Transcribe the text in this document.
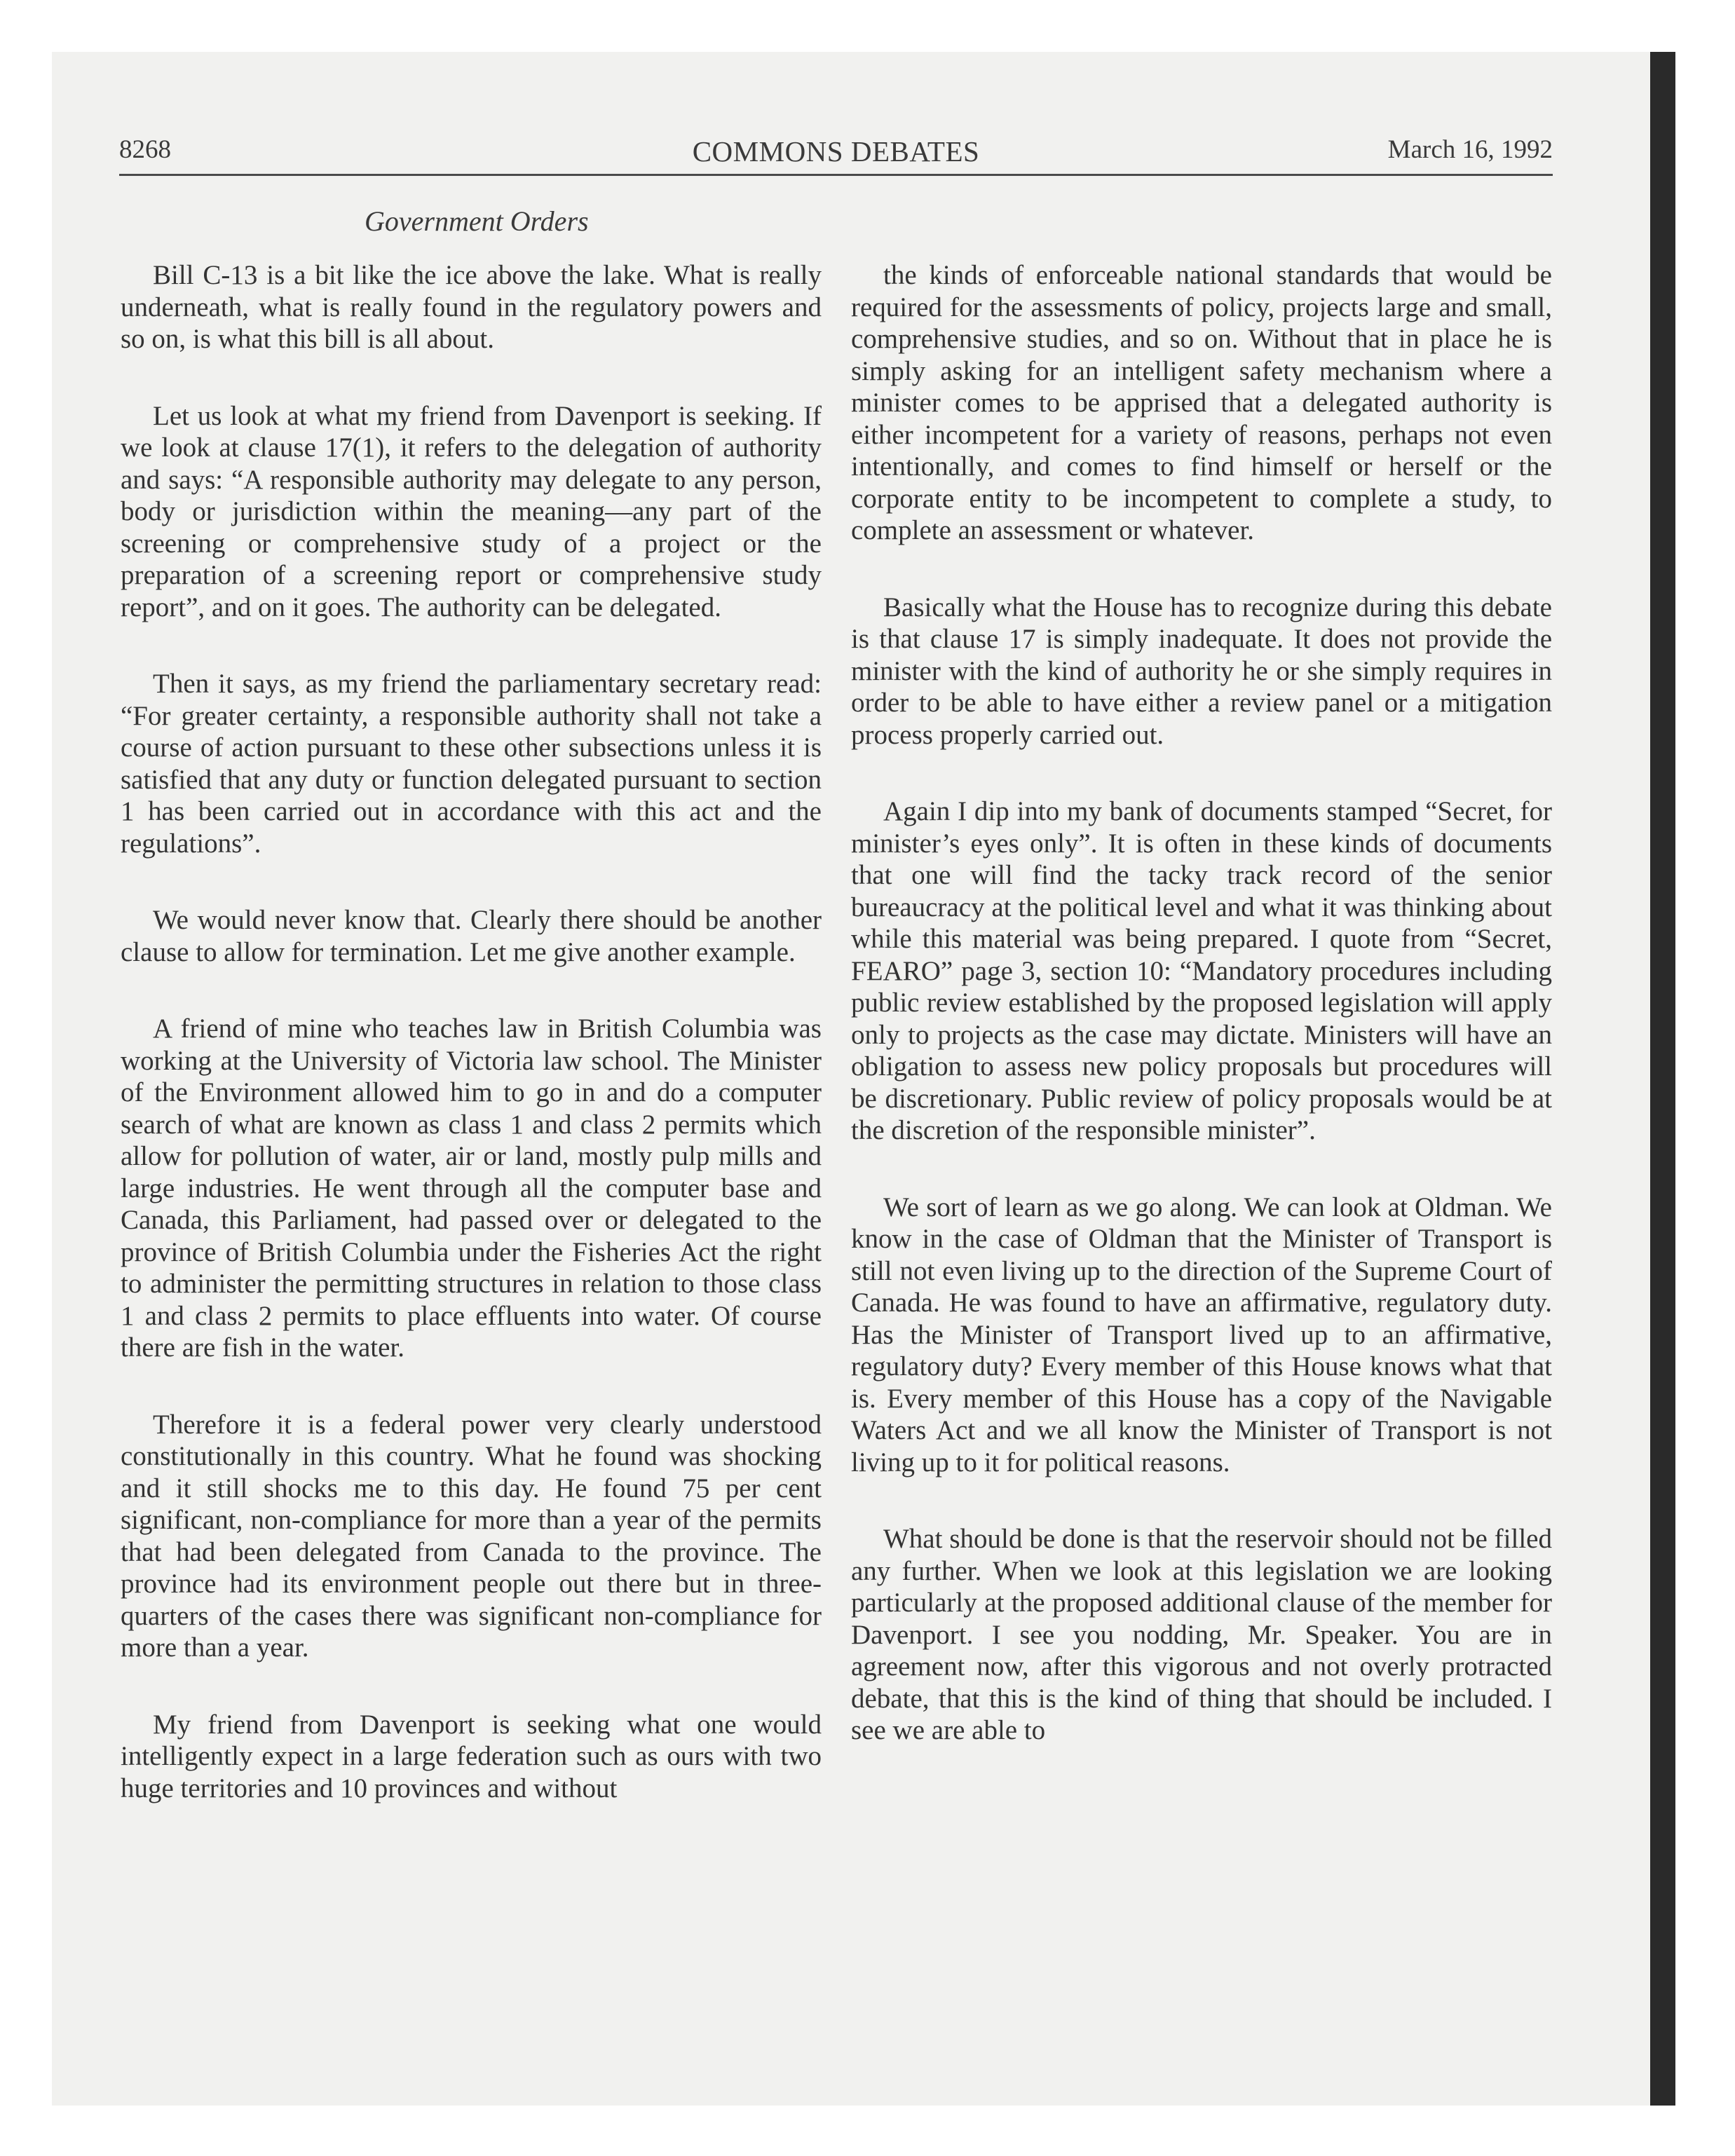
8268	COMMONS DEBATES	March 16, 1992
Government Orders

Bill C-13 is a bit like the ice above the lake. What is really underneath, what is really found in the regulatory powers and so on, is what this bill is all about.

Let us look at what my friend from Davenport is seeking. If we look at clause 17(1), it refers to the delegation of authority and says: “A responsible authority may delegate to any person, body or jurisdiction within the meaning—any part of the screening or comprehensive study of a project or the preparation of a screening report or comprehensive study report”, and on it goes. The authority can be delegated.

Then it says, as my friend the parliamentary secretary read: “For greater certainty, a responsible authority shall not take a course of action pursuant to these other subsections unless it is satisfied that any duty or function delegated pursuant to section 1 has been carried out in accordance with this act and the regulations”.

We would never know that. Clearly there should be another clause to allow for termination. Let me give another example.

A friend of mine who teaches law in British Columbia was working at the University of Victoria law school. The Minister of the Environment allowed him to go in and do a computer search of what are known as class 1 and class 2 permits which allow for pollution of water, air or land, mostly pulp mills and large industries. He went through all the computer base and Canada, this Parliament, had passed over or delegated to the province of British Columbia under the Fisheries Act the right to administer the permitting structures in relation to those class 1 and class 2 permits to place effluents into water. Of course there are fish in the water.

Therefore it is a federal power very clearly understood constitutionally in this country. What he found was shocking and it still shocks me to this day. He found 75 per cent significant, non-compliance for more than a year of the permits that had been delegated from Canada to the province. The province had its environment people out there but in three-quarters of the cases there was significant non-compliance for more than a year.

My friend from Davenport is seeking what one would intelligently expect in a large federation such as ours with two huge territories and 10 provinces and without

the kinds of enforceable national standards that would be required for the assessments of policy, projects large and small, comprehensive studies, and so on. Without that in place he is simply asking for an intelligent safety mechanism where a minister comes to be apprised that a delegated authority is either incompetent for a variety of reasons, perhaps not even intentionally, and comes to find himself or herself or the corporate entity to be incompetent to complete a study, to complete an assessment or whatever.

Basically what the House has to recognize during this debate is that clause 17 is simply inadequate. It does not provide the minister with the kind of authority he or she simply requires in order to be able to have either a review panel or a mitigation process properly carried out.

Again I dip into my bank of documents stamped “Secret, for minister’s eyes only”. It is often in these kinds of documents that one will find the tacky track record of the senior bureaucracy at the political level and what it was thinking about while this material was being prepared. I quote from “Secret, FEARO” page 3, section 10: “Mandatory procedures including public review established by the proposed legislation will apply only to projects as the case may dictate. Ministers will have an obligation to assess new policy proposals but procedures will be discretionary. Public review of policy proposals would be at the discretion of the responsible minister”.

We sort of learn as we go along. We can look at Oldman. We know in the case of Oldman that the Minister of Transport is still not even living up to the direction of the Supreme Court of Canada. He was found to have an affirmative, regulatory duty. Has the Minister of Transport lived up to an affirmative, regulatory duty? Every member of this House knows what that is. Every member of this House has a copy of the Navigable Waters Act and we all know the Minister of Transport is not living up to it for political reasons.

What should be done is that the reservoir should not be filled any further. When we look at this legislation we are looking particularly at the proposed additional clause of the member for Davenport. I see you nodding, Mr. Speaker. You are in agreement now, after this vigorous and not overly protracted debate, that this is the kind of thing that should be included. I see we are able to
